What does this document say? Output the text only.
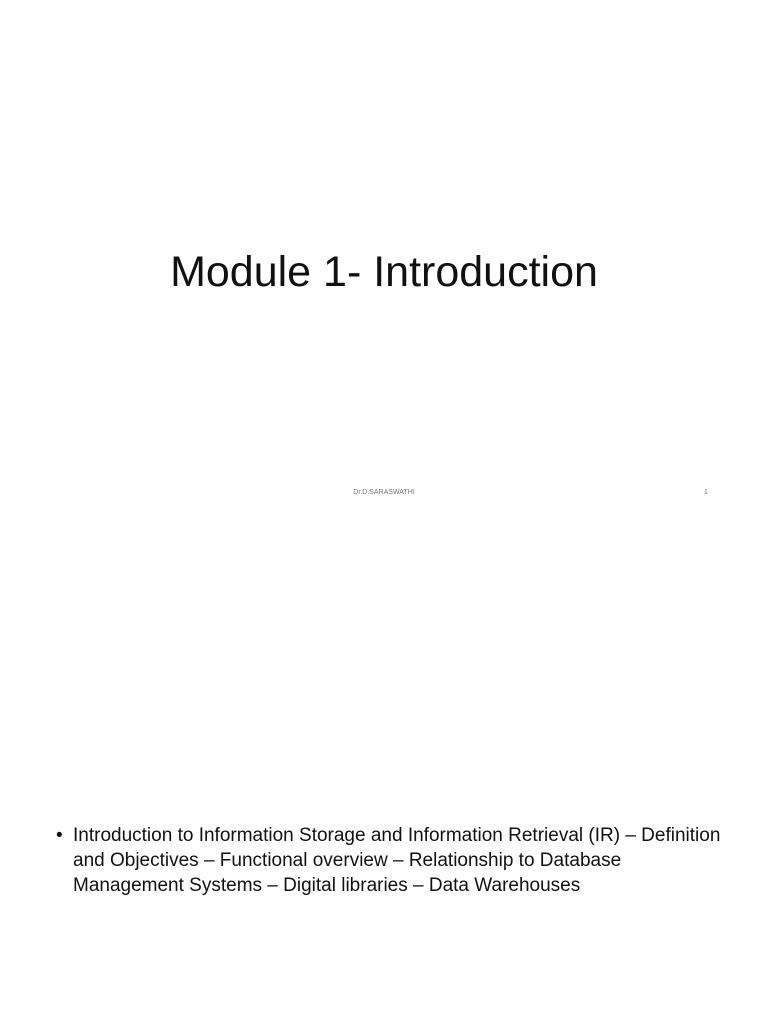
Module 1- Introduction
Dr.D.SARASWATHI	1
• Introduction to Information Storage and Information Retrieval (IR) – Definition and Objectives – Functional overview – Relationship to Database Management Systems – Digital libraries – Data Warehouses
